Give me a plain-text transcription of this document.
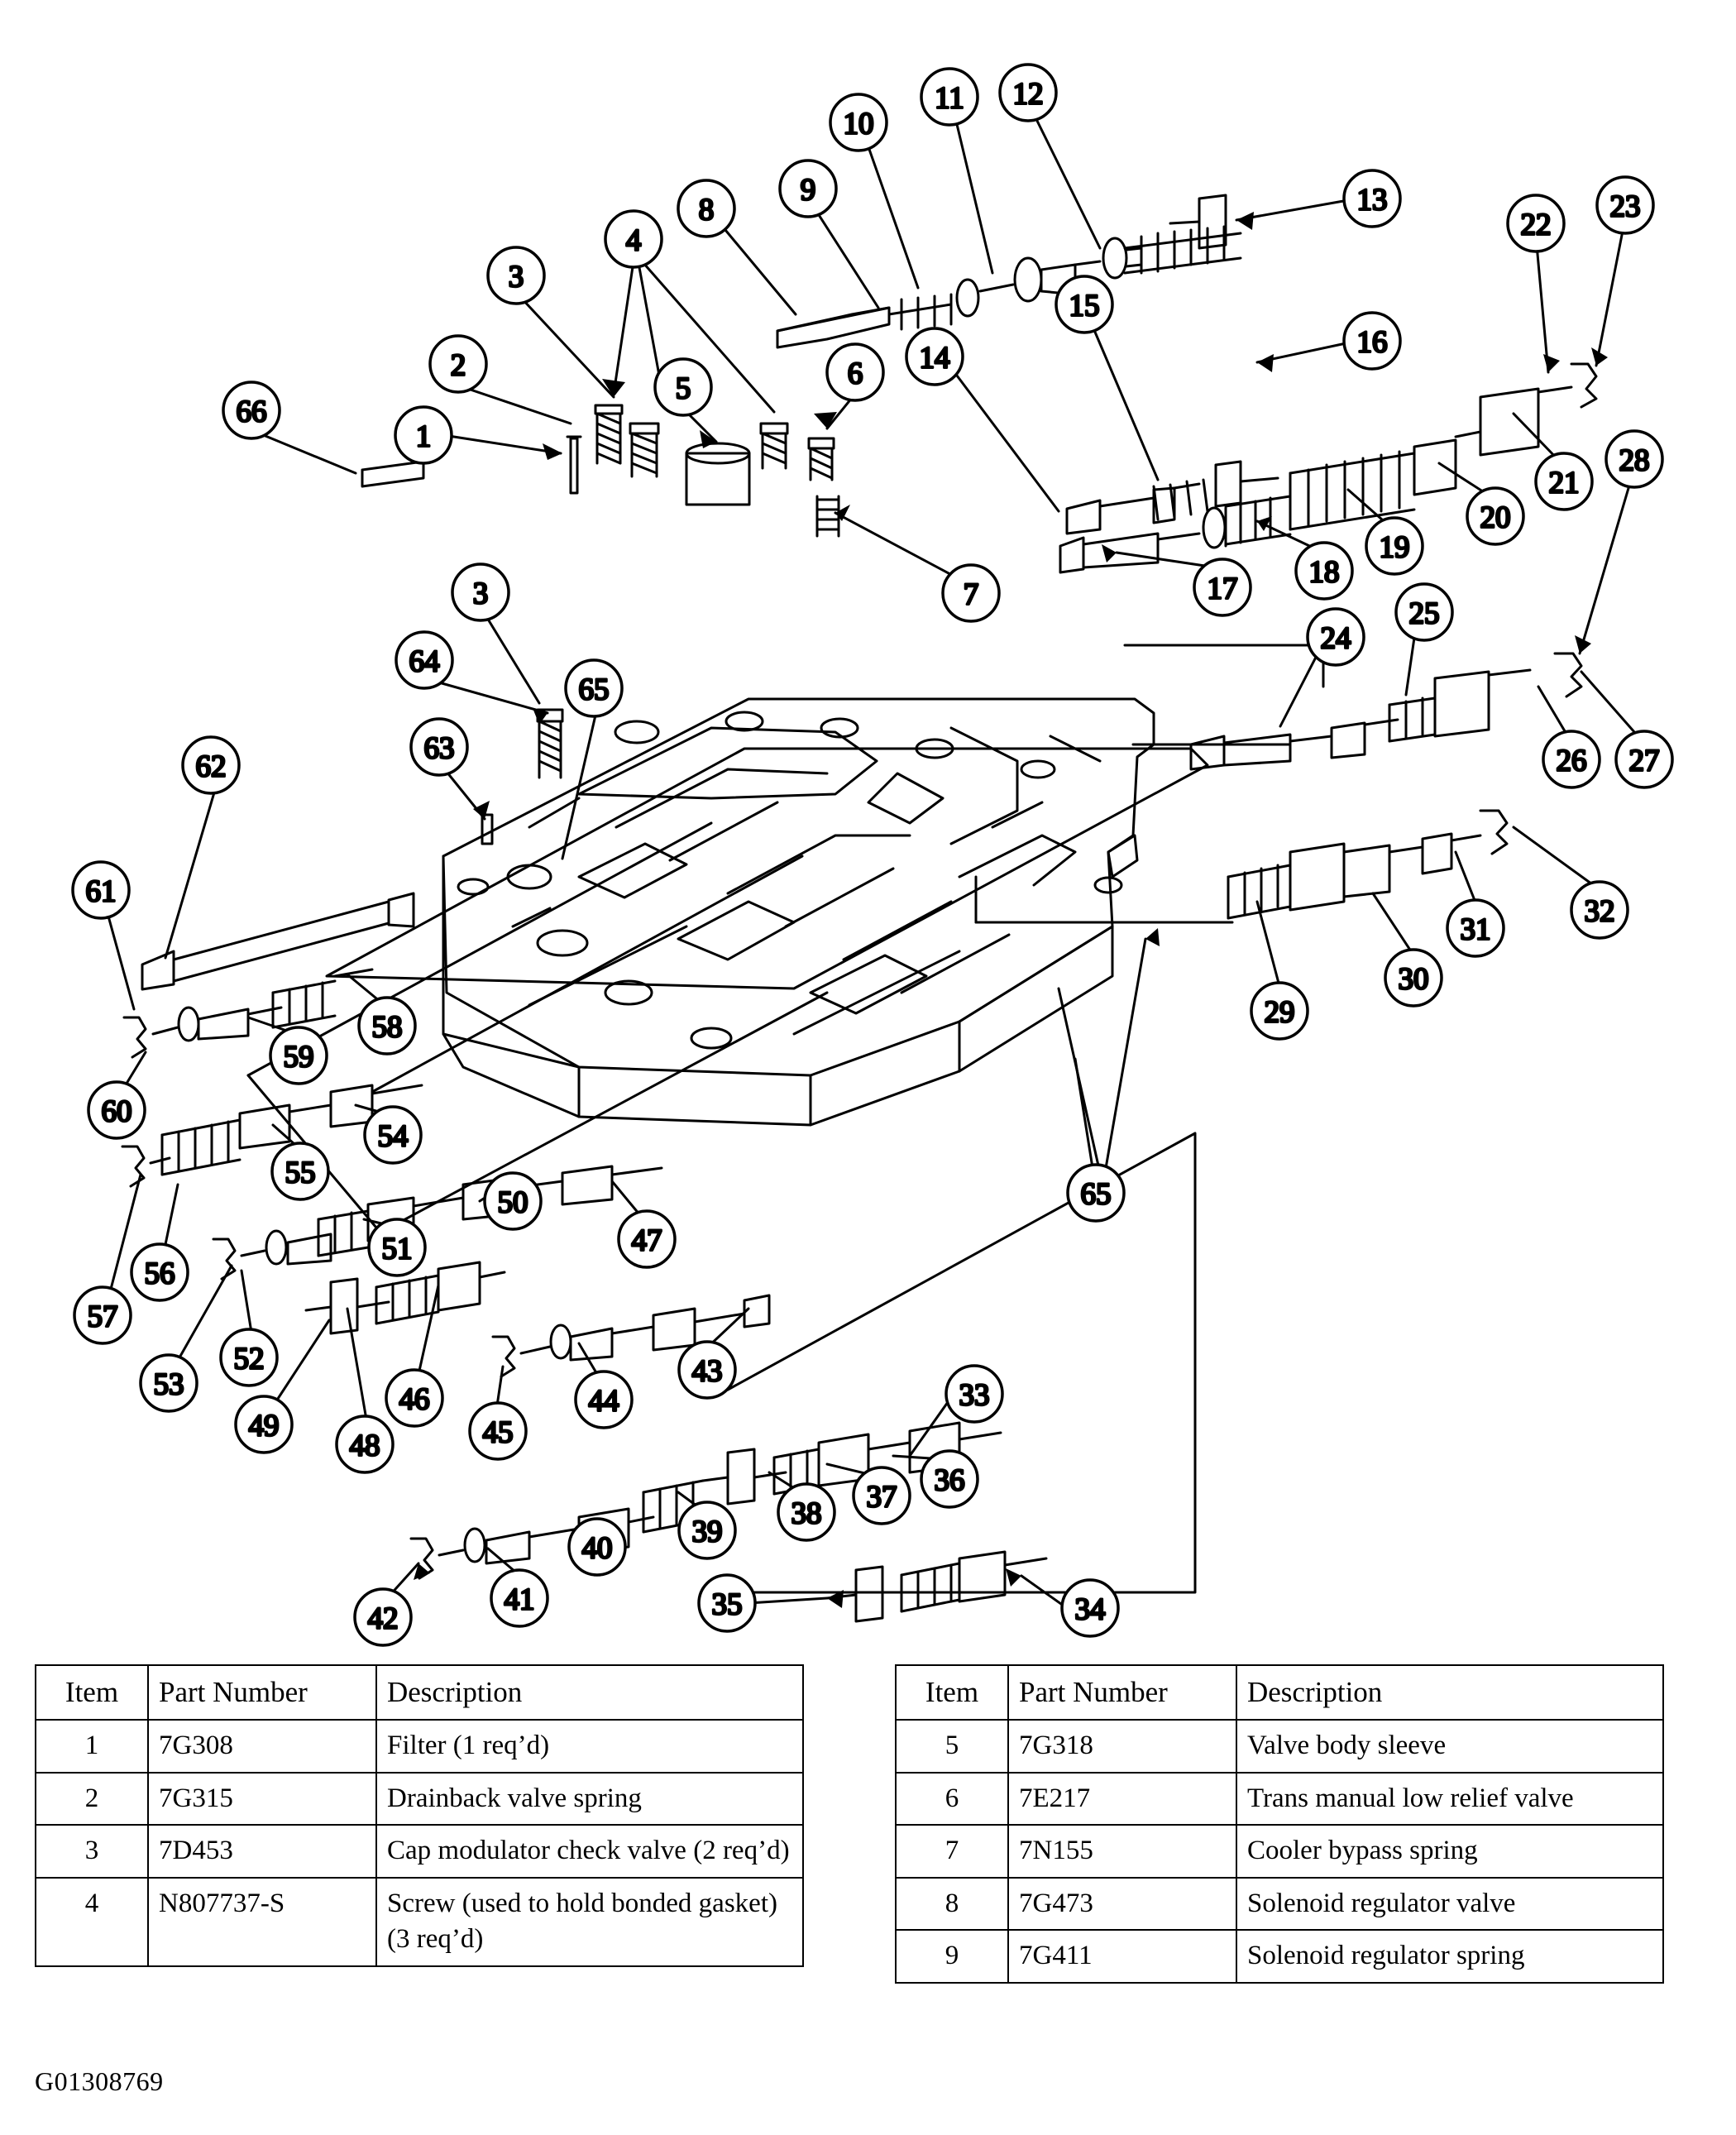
66
1
2
3
4
5	6
7
8
9
10
11 12
13
14
15
16
17 18
19
20
21
22
23
24
25
26 27
28
29
30
31
32
33
34
35
36
37
38
39
40
41
42
43
44
45
46
47
48
49
50
51
52
53
54
55
56
57
58
59
60
61
62
63
64
65
3
65
Item	Part Number	Description
1	7G308	Filter (1 req’d)
2	7G315	Drainback valve spring
3	7D453	Cap modulator check valve (2 req’d)
4	N807737-S	Screw (used to hold bonded gasket) (3 req’d)
Item	Part Number	Description
5	7G318	Valve body sleeve
6	7E217	Trans manual low relief valve
7	7N155	Cooler bypass spring
8	7G473	Solenoid regulator valve
9	7G411	Solenoid regulator spring
G01308769
